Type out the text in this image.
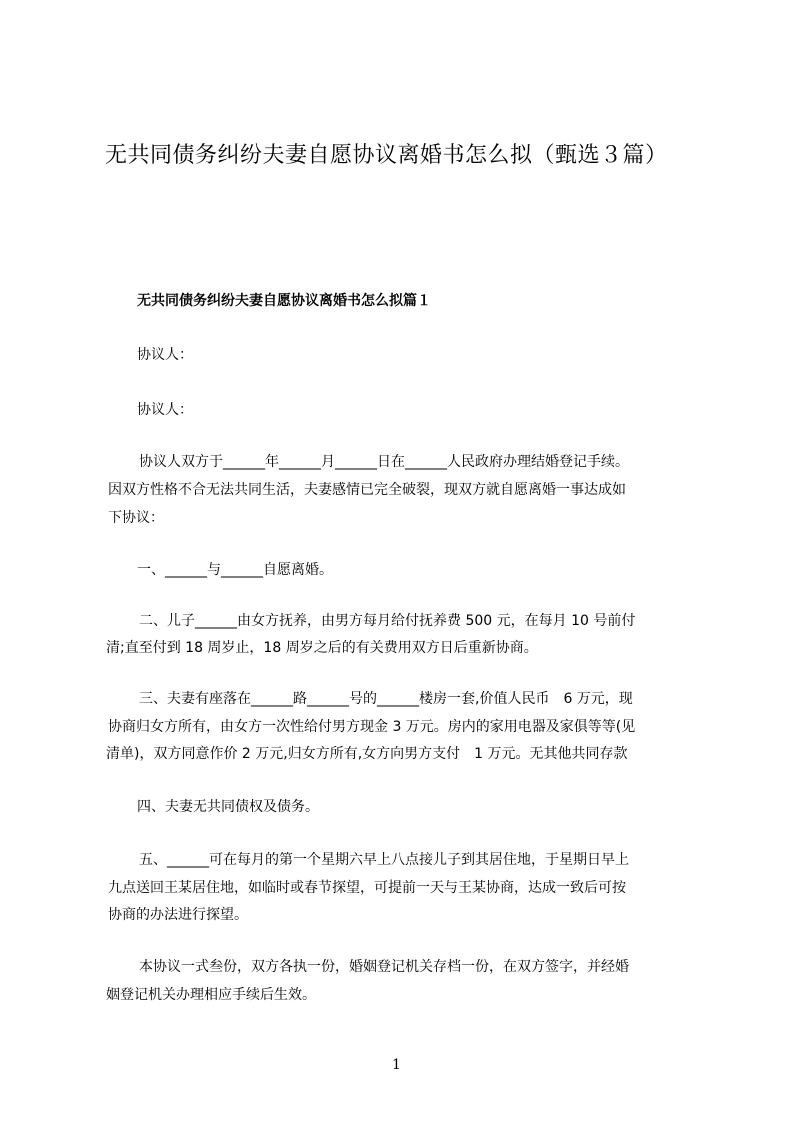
无共同债务纠纷夫妻自愿协议离婚书怎么拟（甄选３篇）
无共同债务纠纷夫妻自愿协议离婚书怎么拟篇１
协议人：
协议人：
协议人双方于______年______月______日在______人民政府办理结婚登记手续。
因双方性格不合无法共同生活，夫妻感情已完全破裂，现双方就自愿离婚一事达成如
下协议：
一、______与______自愿离婚。
二、儿子______由女方抚养，由男方每月给付抚养费 500 元，在每月 10 号前付
清;直至付到 18 周岁止，18 周岁之后的有关费用双方日后重新协商。
三、夫妻有座落在______路______号的______楼房一套,价值人民币　6 万元，现
协商归女方所有，由女方一次性给付男方现金 3 万元。房内的家用电器及家俱等等(见
清单)，双方同意作价 2 万元,归女方所有,女方向男方支付　1 万元。无其他共同存款
四、夫妻无共同债权及债务。
五、______可在每月的第一个星期六早上八点接儿子到其居住地，于星期日早上
九点送回王某居住地，如临时或春节探望，可提前一天与王某协商，达成一致后可按
协商的办法进行探望。
本协议一式叁份，双方各执一份，婚姻登记机关存档一份，在双方签字，并经婚
姻登记机关办理相应手续后生效。
1
